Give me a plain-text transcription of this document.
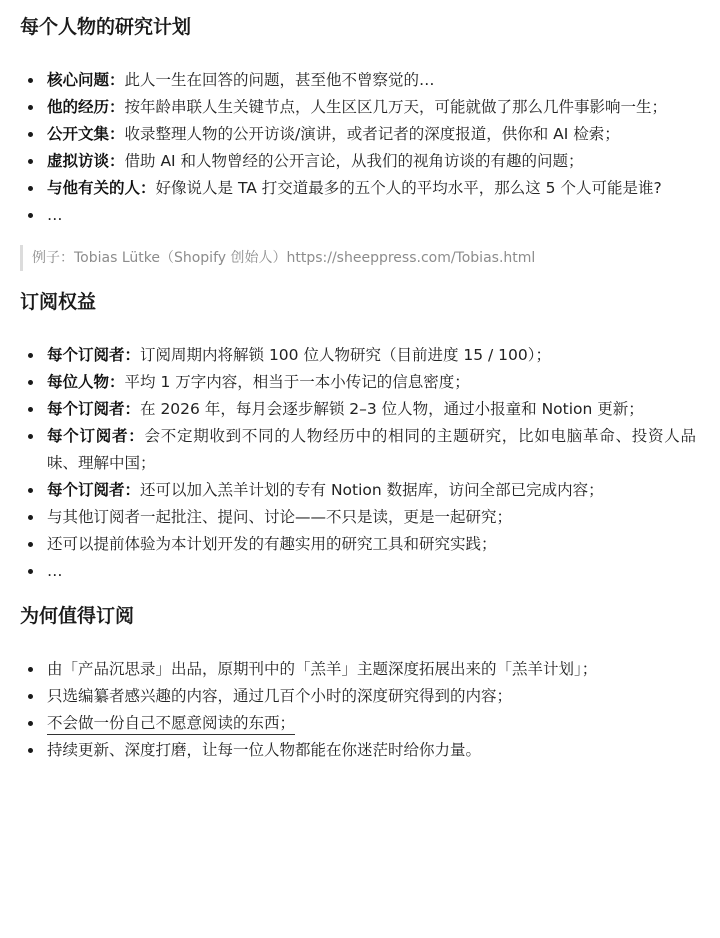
每个人物的研究计划
核心问题：此人一生在回答的问题，甚至他不曾察觉的…
他的经历：按年龄串联人生关键节点，人生区区几万天，可能就做了那么几件事影响一生；
公开文集：收录整理人物的公开访谈/演讲，或者记者的深度报道，供你和 AI 检索；
虚拟访谈：借助 AI 和人物曾经的公开言论，从我们的视角访谈的有趣的问题；
与他有关的人：好像说人是 TA 打交道最多的五个人的平均水平，那么这 5 个人可能是谁?
…
例子：Tobias Lütke（Shopify 创始人）https://sheeppress.com/Tobias.html
订阅权益
每个订阅者：订阅周期内将解锁 100 位人物研究（目前进度 15 / 100）；
每位人物：平均 1 万字内容，相当于一本小传记的信息密度；
每个订阅者：在 2026 年，每月会逐步解锁 2–3 位人物，通过小报童和 Notion 更新；
每个订阅者：会不定期收到不同的人物经历中的相同的主题研究，比如电脑革命、投资人品味、理解中国；
每个订阅者：还可以加入羔羊计划的专有 Notion 数据库，访问全部已完成内容；
与其他订阅者一起批注、提问、讨论——不只是读，更是一起研究；
还可以提前体验为本计划开发的有趣实用的研究工具和研究实践；
…
为何值得订阅
由「产品沉思录」出品，原期刊中的「羔羊」主题深度拓展出来的「羔羊计划」；
只选编纂者感兴趣的内容，通过几百个小时的深度研究得到的内容；
不会做一份自己不愿意阅读的东西；
持续更新、深度打磨，让每一位人物都能在你迷茫时给你力量。
